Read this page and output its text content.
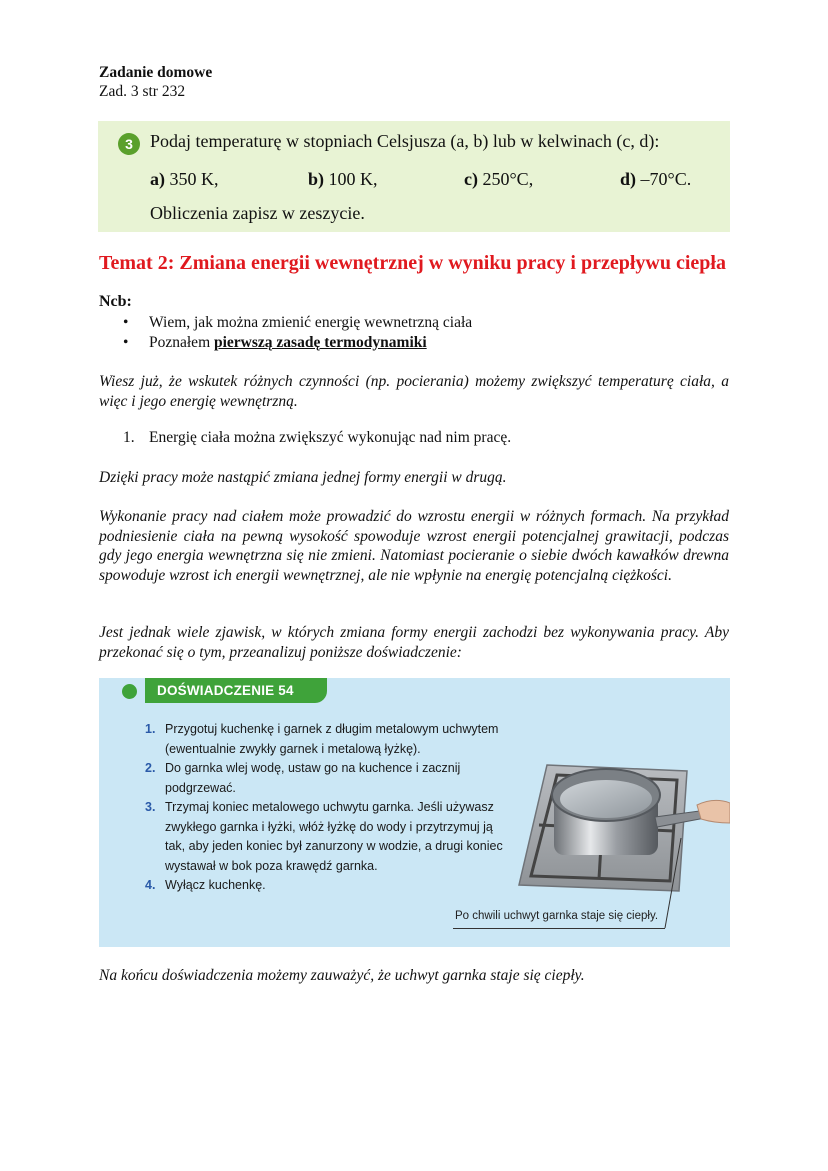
Zadanie domowe
Zad. 3 str 232
3 Podaj temperaturę w stopniach Celsjusza (a, b) lub w kelwinach (c, d):
a) 350 K,	b) 100 K,	c) 250°C,	d) –70°C.
Obliczenia zapisz w zeszycie.
Temat 2: Zmiana energii wewnętrznej w wyniku pracy i przepływu ciepła
Ncb:
• Wiem, jak można zmienić energię wewnetrzną ciała
• Poznałem pierwszą zasadę termodynamiki
Wiesz już, że wskutek różnych czynności (np. pocierania) możemy zwiększyć temperaturę ciała, a więc i jego energię wewnętrzną.
1. Energię ciała można zwiększyć wykonując nad nim pracę.
Dzięki pracy może nastąpić zmiana jednej formy energii w drugą.
Wykonanie pracy nad ciałem może prowadzić do wzrostu energii w różnych formach. Na przykład podniesienie ciała na pewną wysokość spowoduje wzrost energii potencjalnej grawitacji, podczas gdy jego energia wewnętrzna się nie zmieni. Natomiast pocieranie o siebie dwóch kawałków drewna spowoduje wzrost ich energii wewnętrznej, ale nie wpłynie na energię potencjalną ciężkości.
Jest jednak wiele zjawisk, w których zmiana formy energii zachodzi bez wykonywania pracy. Aby przekonać się o tym, przeanalizuj poniższe doświadczenie:
DOŚWIADCZENIE 54
1. Przygotuj kuchenkę i garnek z długim metalowym uchwytem (ewentualnie zwykły garnek i metalową łyżkę).
2. Do garnka wlej wodę, ustaw go na kuchence i zacznij podgrzewać.
3. Trzymaj koniec metalowego uchwytu garnka. Jeśli używasz zwykłego garnka i łyżki, włóż łyżkę do wody i przytrzymuj ją tak, aby jeden koniec był zanurzony w wodzie, a drugi koniec wystawał w bok poza krawędź garnka.
4. Wyłącz kuchenkę.
Po chwili uchwyt garnka staje się ciepły.
Na końcu doświadczenia możemy zauważyć, że uchwyt garnka staje się ciepły.
